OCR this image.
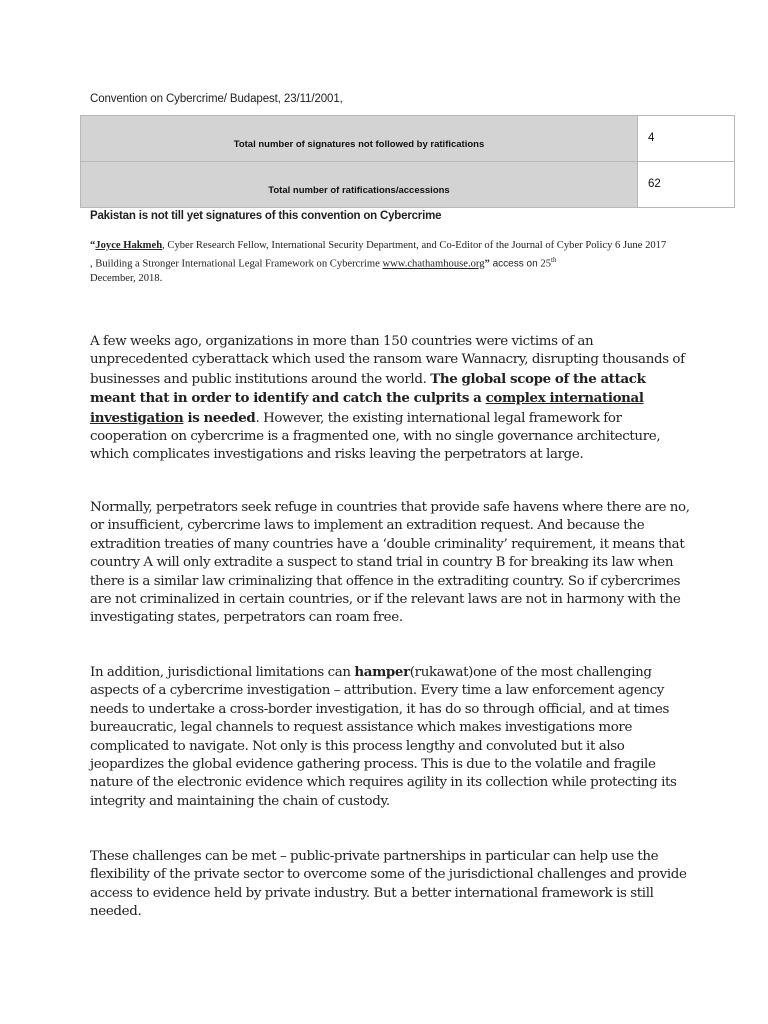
Convention on Cybercrime/ Budapest, 23/11/2001,
Total number of signatures not followed by ratifications	4
Total number of ratifications/accessions	62
Pakistan is not till yet signatures of this convention on Cybercrime
“Joyce Hakmeh, Cyber Research Fellow, International Security Department, and Co-Editor of the Journal of Cyber Policy 6 June 2017 , Building a Stronger International Legal Framework on Cybercrime www.chathamhouse.org” access on 25th
December, 2018.

A few weeks ago, organizations in more than 150 countries were victims of an unprecedented cyberattack which used the ransom ware Wannacry, disrupting thousands of businesses and public institutions around the world. The global scope of the attack meant that in order to identify and catch the culprits a complex international investigation is needed. However, the existing international legal framework for cooperation on cybercrime is a fragmented one, with no single governance architecture, which complicates investigations and risks leaving the perpetrators at large.

Normally, perpetrators seek refuge in countries that provide safe havens where there are no, or insufficient, cybercrime laws to implement an extradition request. And because the extradition treaties of many countries have a ‘double criminality’ requirement, it means that country A will only extradite a suspect to stand trial in country B for breaking its law when there is a similar law criminalizing that offence in the extraditing country. So if cybercrimes are not criminalized in certain countries, or if the relevant laws are not in harmony with the investigating states, perpetrators can roam free.

In addition, jurisdictional limitations can hamper(rukawat)one of the most challenging aspects of a cybercrime investigation – attribution. Every time a law enforcement agency needs to undertake a cross-border investigation, it has do so through official, and at times bureaucratic, legal channels to request assistance which makes investigations more complicated to navigate. Not only is this process lengthy and convoluted but it also jeopardizes the global evidence gathering process. This is due to the volatile and fragile nature of the electronic evidence which requires agility in its collection while protecting its integrity and maintaining the chain of custody.

These challenges can be met – public-private partnerships in particular can help use the flexibility of the private sector to overcome some of the jurisdictional challenges and provide access to evidence held by private industry. But a better international framework is still needed.
